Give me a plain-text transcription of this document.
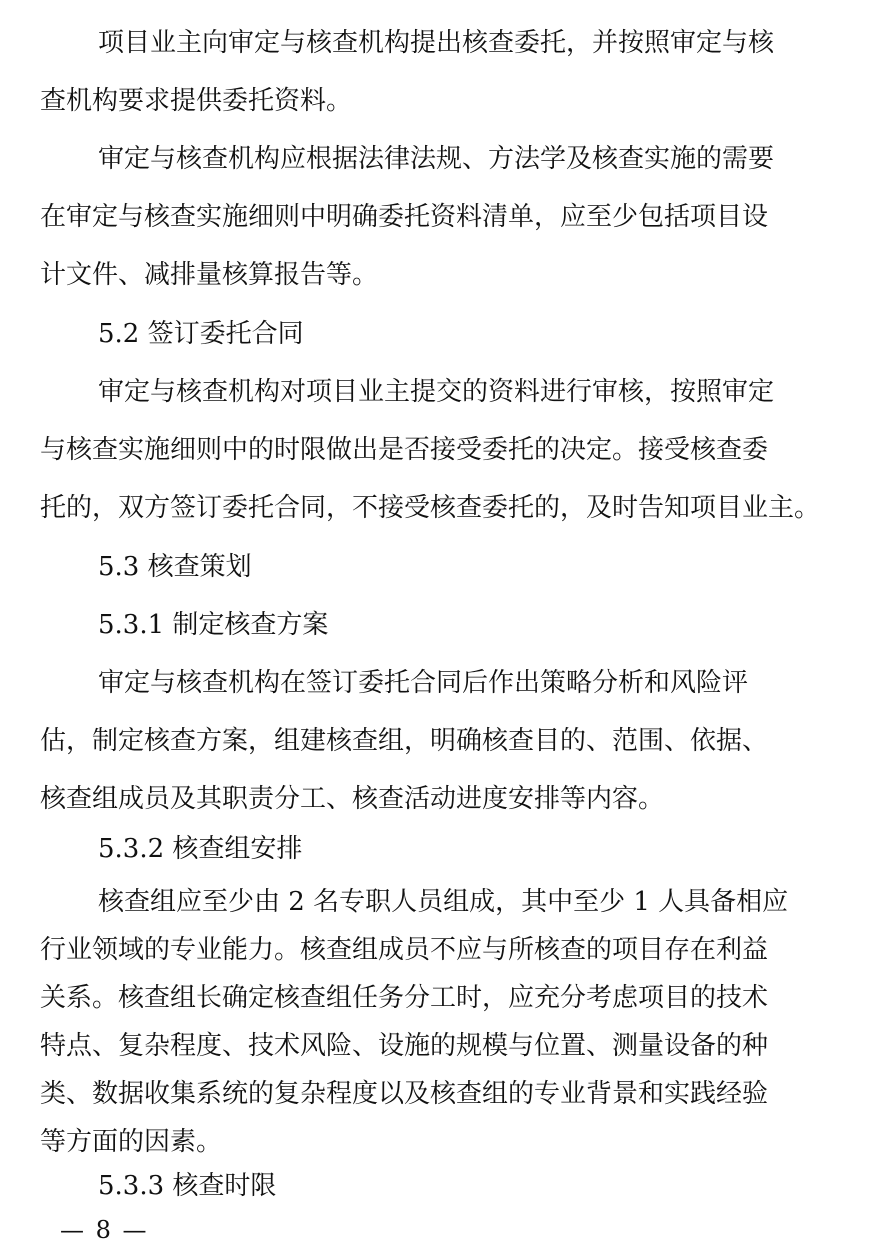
项目业主向审定与核查机构提出核查委托，并按照审定与核
查机构要求提供委托资料。
审定与核查机构应根据法律法规、方法学及核查实施的需要
在审定与核查实施细则中明确委托资料清单，应至少包括项目设
计文件、减排量核算报告等。
5.2 签订委托合同
审定与核查机构对项目业主提交的资料进行审核，按照审定
与核查实施细则中的时限做出是否接受委托的决定。接受核查委
托的，双方签订委托合同，不接受核查委托的，及时告知项目业主。
5.3 核查策划
5.3.1 制定核查方案
审定与核查机构在签订委托合同后作出策略分析和风险评
估，制定核查方案，组建核查组，明确核查目的、范围、依据、
核查组成员及其职责分工、核查活动进度安排等内容。
5.3.2 核查组安排
核查组应至少由 2 名专职人员组成，其中至少 1 人具备相应
行业领域的专业能力。核查组成员不应与所核查的项目存在利益
关系。核查组长确定核查组任务分工时，应充分考虑项目的技术
特点、复杂程度、技术风险、设施的规模与位置、测量设备的种
类、数据收集系统的复杂程度以及核查组的专业背景和实践经验
等方面的因素。
— 8 —
5.3.3 核查时限
